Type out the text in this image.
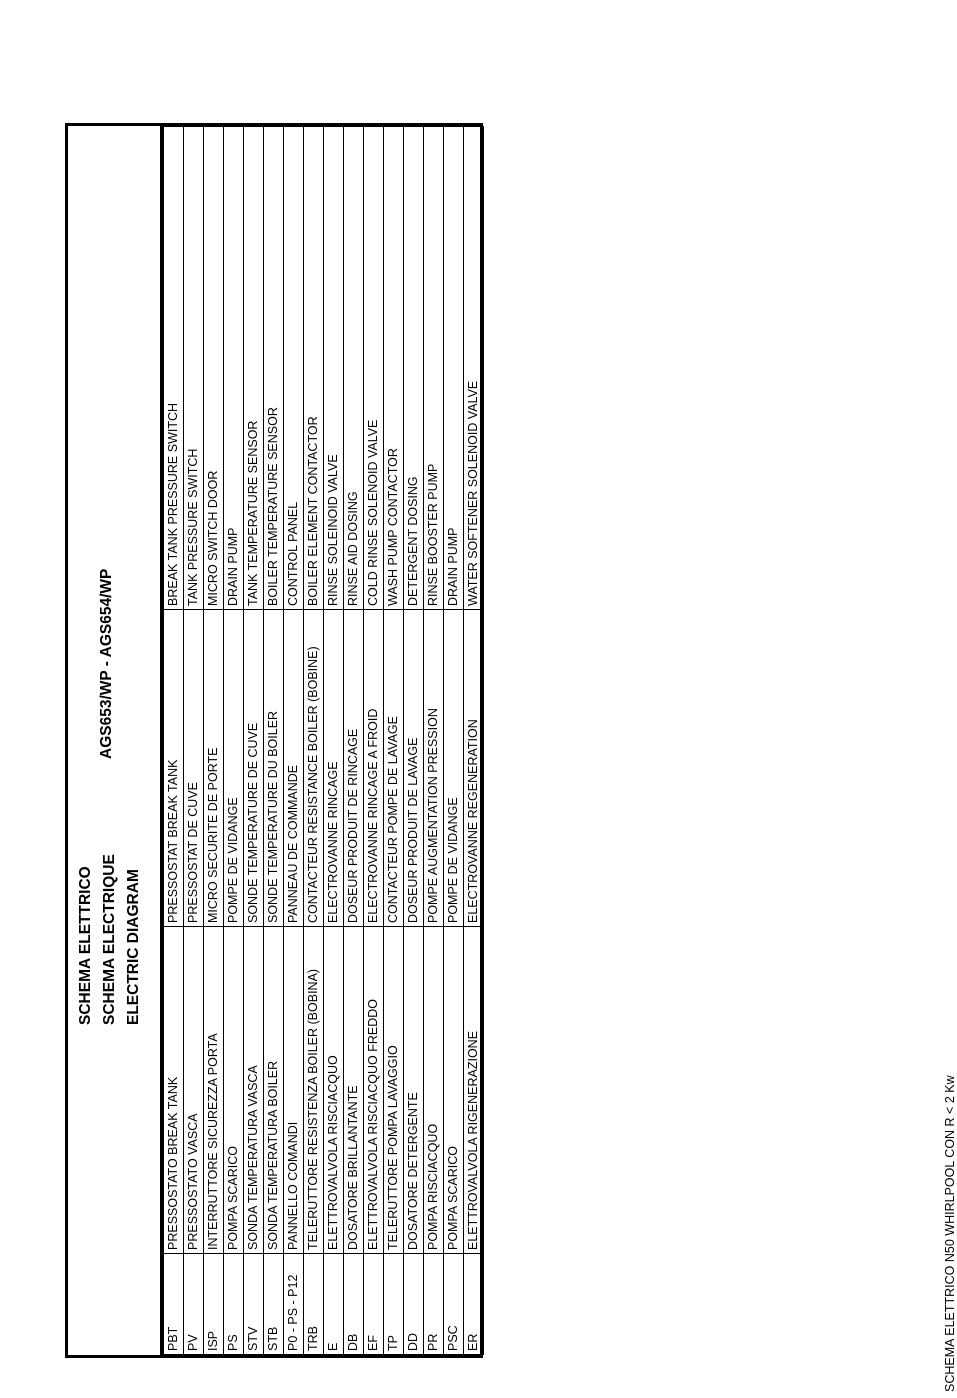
SCHEMA ELETTRICO SCHEMA ELECTRIQUE ELECTRIC DIAGRAM
AGS653/WP - AGS654/WP
PBT	PRESSOSTATO BREAK TANK	PRESSOSTAT BREAK TANK	BREAK TANK PRESSURE SWITCH
PV	PRESSOSTATO VASCA	PRESSOSTAT DE CUVE	TANK PRESSURE SWITCH
ISP	INTERRUTTORE SICUREZZA PORTA	MICRO SECURITE DE PORTE	MICRO SWITCH DOOR
PS	POMPA SCARICO	POMPE DE VIDANGE	DRAIN PUMP
STV	SONDA TEMPERATURA VASCA	SONDE TEMPERATURE DE CUVE	TANK TEMPERATURE SENSOR
STB	SONDA TEMPERATURA BOILER	SONDE TEMPERATURE DU BOILER	BOILER TEMPERATURE SENSOR
P0 - PS - P12	PANNELLO COMANDI	PANNEAU DE COMMANDE	CONTROL PANEL
TRB	TELERUTTORE RESISTENZA BOILER (BOBINA)	CONTACTEUR RESISTANCE BOILER (BOBINE)	BOILER ELEMENT CONTACTOR
E	ELETTROVALVOLA RISCIACQUO	ELECTROVANNE RINCAGE	RINSE SOLEINOID VALVE
DB	DOSATORE BRILLANTANTE	DOSEUR PRODUIT DE RINCAGE	RINSE AID DOSING
EF	ELETTROVALVOLA RISCIACQUO FREDDO	ELECTROVANNE RINCAGE A FROID	COLD RINSE SOLENOID VALVE
TP	TELERUTTORE POMPA LAVAGGIO	CONTACTEUR POMPE DE LAVAGE	WASH PUMP CONTACTOR
DD	DOSATORE DETERGENTE	DOSEUR PRODUIT DE LAVAGE	DETERGENT DOSING
PR	POMPA RISCIACQUO	POMPE AUGMENTATION PRESSION	RINSE BOOSTER PUMP
PSC	POMPA SCARICO	POMPE DE VIDANGE	DRAIN PUMP
ER	ELETTROVALVOLA RIGENERAZIONE	ELECTROVANNE REGENERATION	WATER SOFTENER SOLENOID VALVE
SCHEMA ELETTRICO N50 WHIRLPOOL CON R < 2 Kw
